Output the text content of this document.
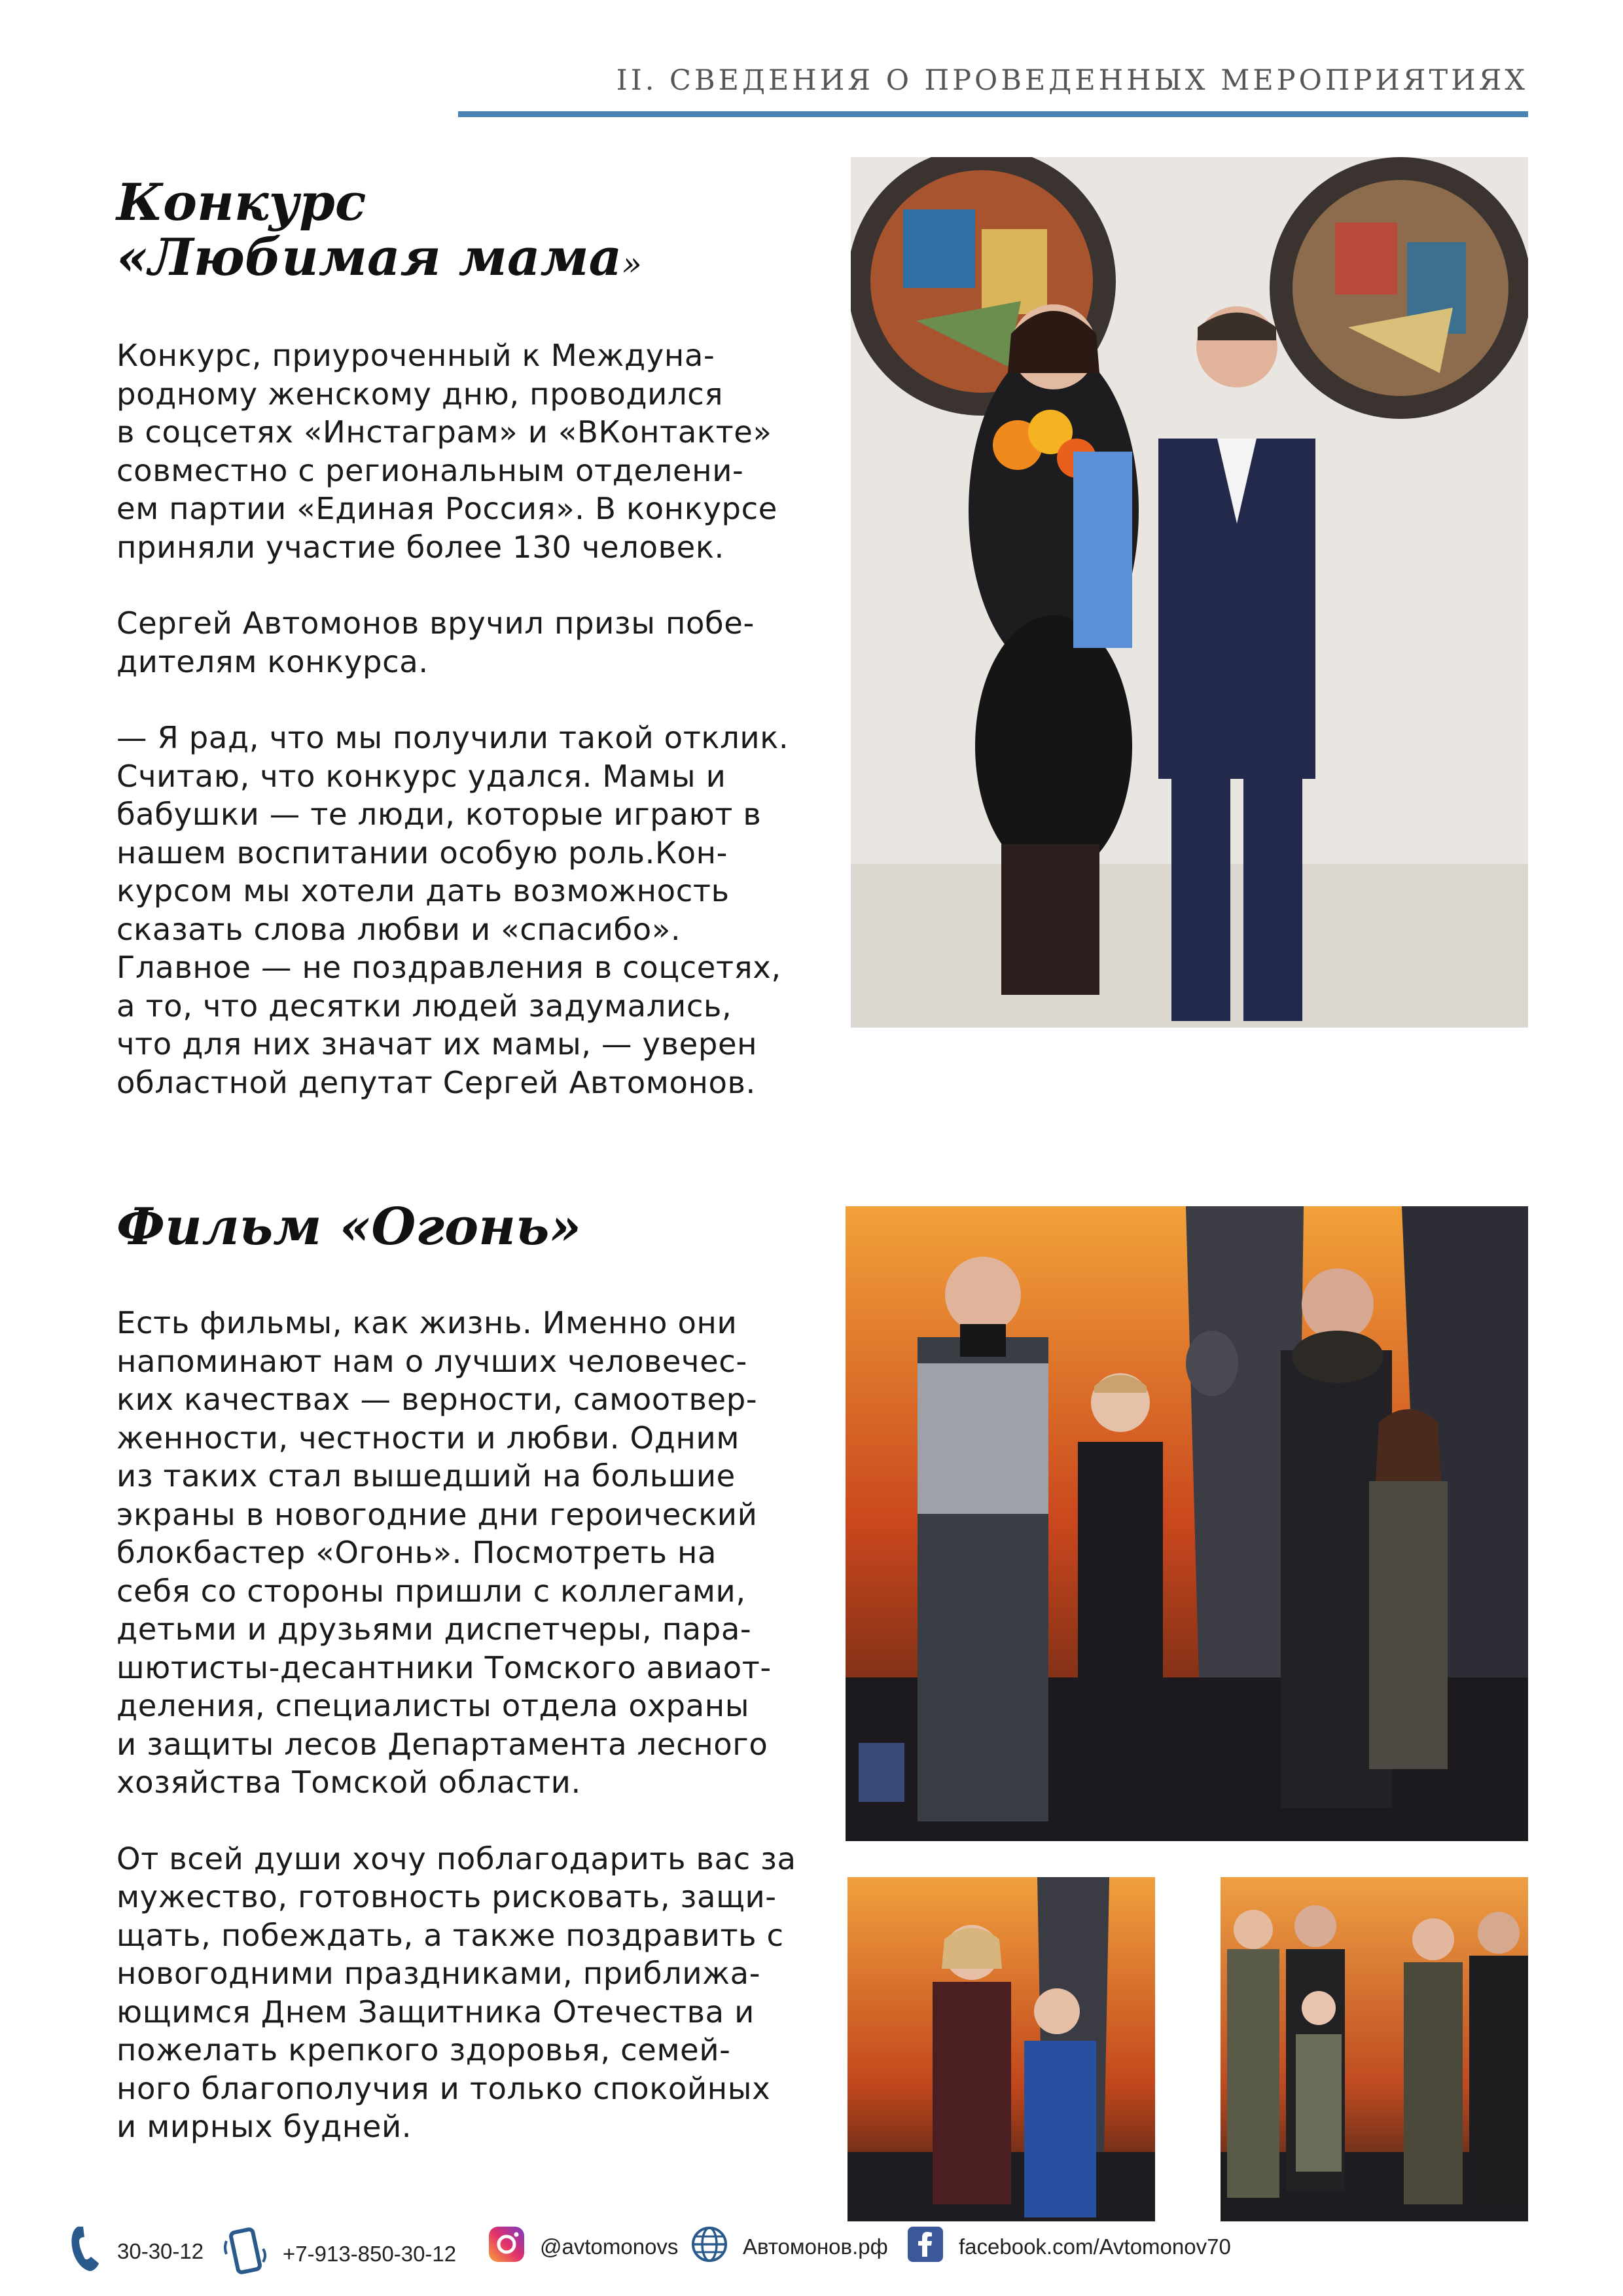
II. СВЕДЕНИЯ О ПРОВЕДЕННЫХ МЕРОПРИЯТИЯХ
Конкурс
«Любимая мама»

Конкурс, приуроченный к Междуна-

родному женскому дню, проводился

в соцсетях «Инстаграм» и «ВКонтакте»

совместно с региональным отделени-

ем партии «Единая Россия». В конкурсе

приняли участие более 130 человек.

Сергей Автомонов вручил призы побе-

дителям конкурса.

— Я рад, что мы получили такой отклик.

Считаю, что конкурс удался. Мамы и

бабушки — те люди, которые играют в

нашем воспитании особую роль.Кон-

курсом мы хотели дать возможность

сказать слова любви и «спасибо».

Главное — не поздравления в соцсетях,

а то, что десятки людей задумались,

что для них значат их мамы, — уверен

областной депутат Сергей Автомонов.

Фильм «Огонь»

Есть фильмы, как жизнь. Именно они

напоминают нам о лучших человечес-

ких качествах — верности, самоотвер-

женности, честности и любви. Одним

из таких стал вышедший на большие

экраны в новогодние дни героический

блокбастер «Огонь». Посмотреть на

себя со стороны пришли с коллегами,

детьми и друзьями диспетчеры, пара-

шютисты-десантники Томского авиаот-

деления, специалисты отдела охраны

и защиты лесов Департамента лесного

хозяйства Томской области.

От всей души хочу поблагодарить вас за

мужество, готовность рисковать, защи-

щать, побеждать, а также поздравить с

новогодними праздниками, приближа-

ющимся Днем Защитника Отечества и

пожелать крепкого здоровья, семей-

ного благополучия и только спокойных

и мирных будней.

30-30-12	+7-913-850-30-12	@avtomonovs	Автомонов.рф	facebook.com/Avtomonov70
